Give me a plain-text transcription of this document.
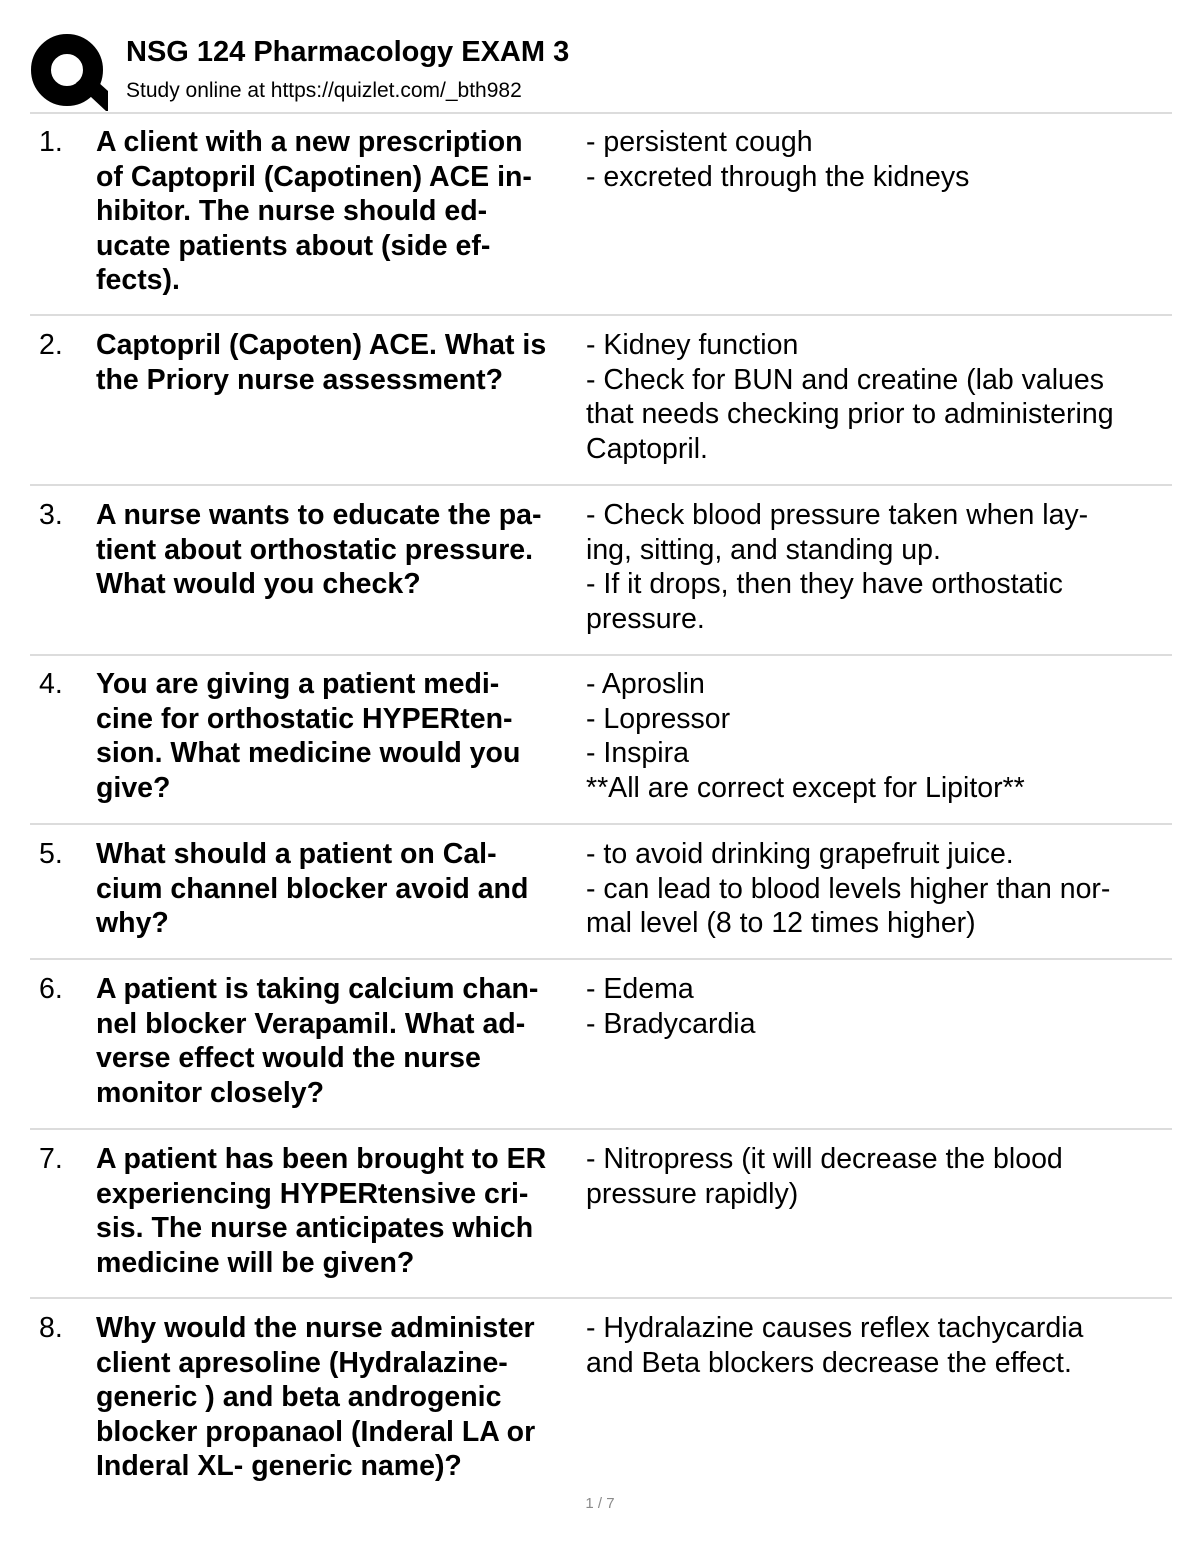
NSG 124 Pharmacology EXAM 3
Study online at https://quizlet.com/_bth982
1. A client with a new prescription
of Captopril (Capotinen) ACE in-
hibitor. The nurse should ed-
ucate patients about (side ef-
fects).
- persistent cough
- excreted through the kidneys
2. Captopril (Capoten) ACE. What is
the Priory nurse assessment?
- Kidney function
- Check for BUN and creatine (lab values
that needs checking prior to administering
Captopril.
3. A nurse wants to educate the pa-
tient about orthostatic pressure.
What would you check?
- Check blood pressure taken when lay-
ing, sitting, and standing up.
- If it drops, then they have orthostatic
pressure.
4. You are giving a patient medi-
cine for orthostatic HYPERten-
sion. What medicine would you
give?
- Aproslin
- Lopressor
- Inspira
**All are correct except for Lipitor**
5. What should a patient on Cal-
cium channel blocker avoid and
why?
- to avoid drinking grapefruit juice.
- can lead to blood levels higher than nor-
mal level (8 to 12 times higher)
6. A patient is taking calcium chan-
nel blocker Verapamil. What ad-
verse effect would the nurse
monitor closely?
- Edema
- Bradycardia
7. A patient has been brought to ER
experiencing HYPERtensive cri-
sis. The nurse anticipates which
medicine will be given?
- Nitropress (it will decrease the blood
pressure rapidly)
8. Why would the nurse administer
client apresoline (Hydralazine-
generic ) and beta androgenic
blocker propanaol (Inderal LA or
Inderal XL- generic name)?
- Hydralazine causes reflex tachycardia
and Beta blockers decrease the effect.
1 / 7
